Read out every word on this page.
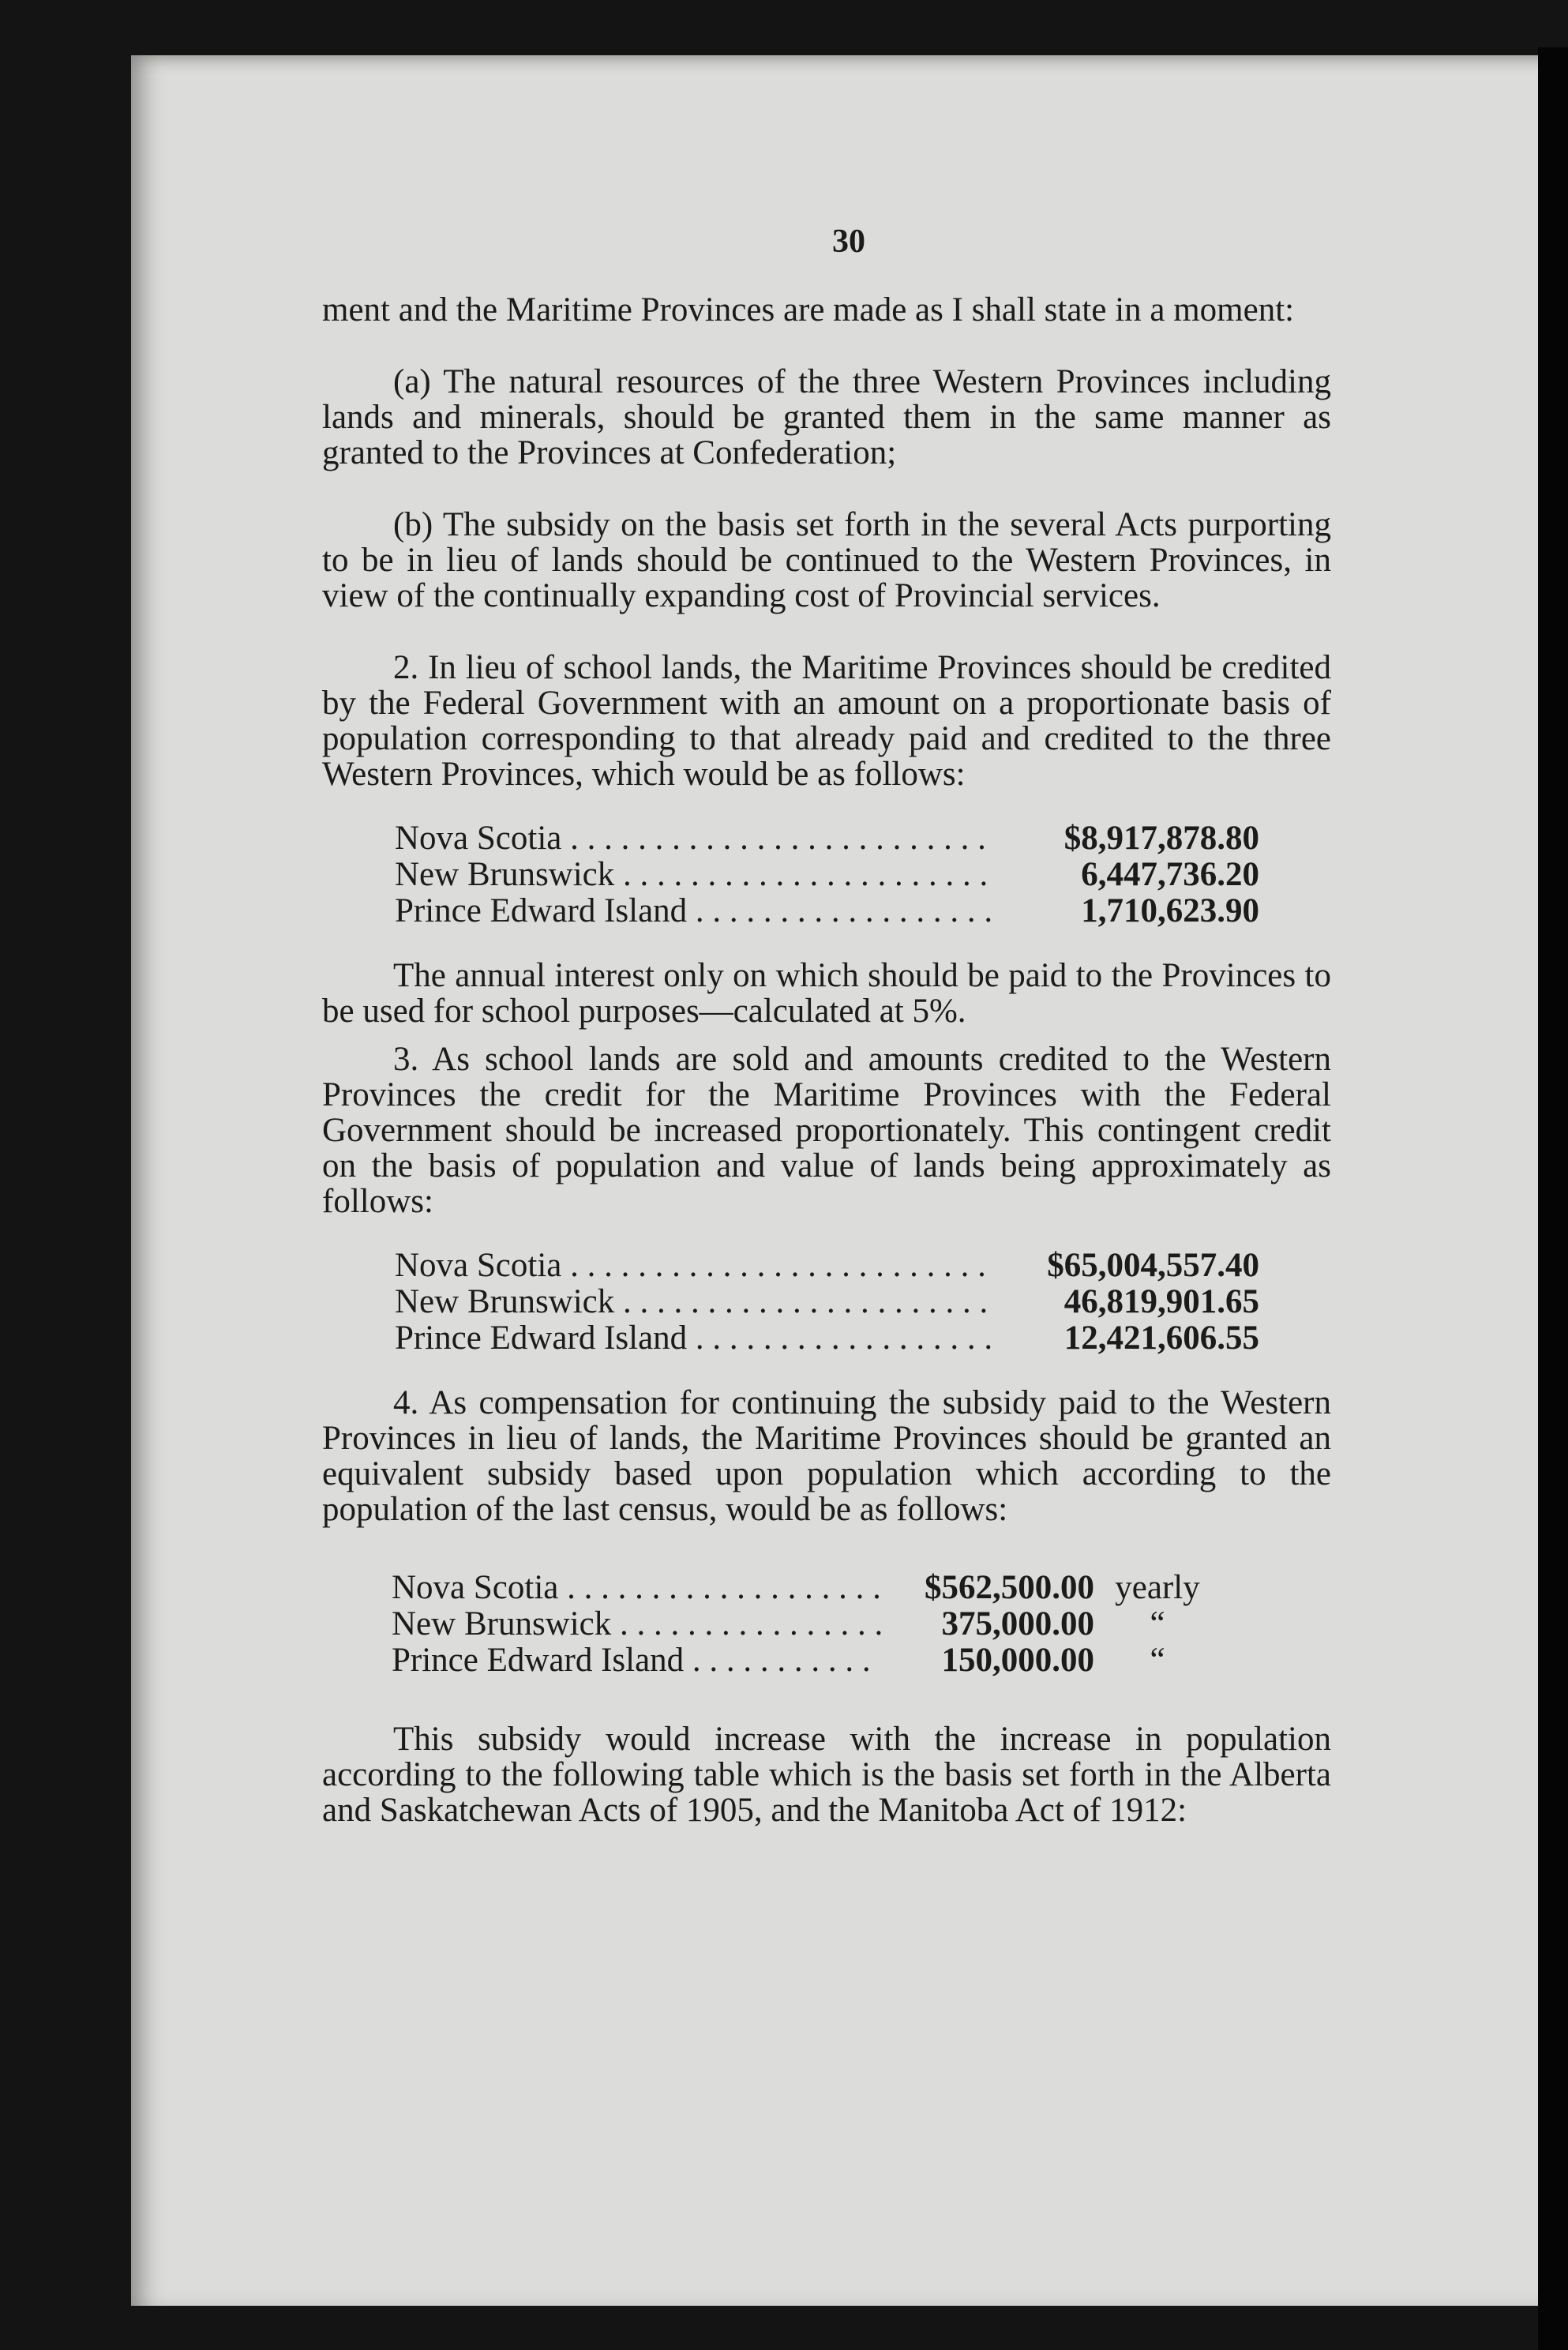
30

ment and the Maritime Provinces are made as I shall state in a moment:

(a) The natural resources of the three Western Provinces including lands and minerals, should be granted them in the same manner as granted to the Provinces at Confederation;

(b) The subsidy on the basis set forth in the several Acts purporting to be in lieu of lands should be continued to the Western Provinces, in view of the continually expanding cost of Provincial services.

2. In lieu of school lands, the Maritime Provinces should be credited by the Federal Government with an amount on a proportionate basis of population corresponding to that already paid and credited to the three Western Provinces, which would be as follows:

Nova Scotia . . .	$8,917,878.80
New Brunswick . . .	6,447,736.20
Prince Edward Island . . .	1,710,623.90

The annual interest only on which should be paid to the Provinces to be used for school purposes—calculated at 5%.

3. As school lands are sold and amounts credited to the Western Provinces the credit for the Maritime Provinces with the Federal Government should be increased proportionately. This contingent credit on the basis of population and value of lands being approximately as follows:

Nova Scotia . . .	$65,004,557.40
New Brunswick . . .	46,819,901.65
Prince Edward Island . . .	12,421,606.55

4. As compensation for continuing the subsidy paid to the Western Provinces in lieu of lands, the Maritime Provinces should be granted an equivalent subsidy based upon population which according to the population of the last census, would be as follows:

Nova Scotia . . .	$562,500.00 yearly
New Brunswick . . .	375,000.00	“
Prince Edward Island . . .	150,000.00	“

This subsidy would increase with the increase in population according to the following table which is the basis set forth in the Alberta and Saskatchewan Acts of 1905, and the Manitoba Act of 1912:
